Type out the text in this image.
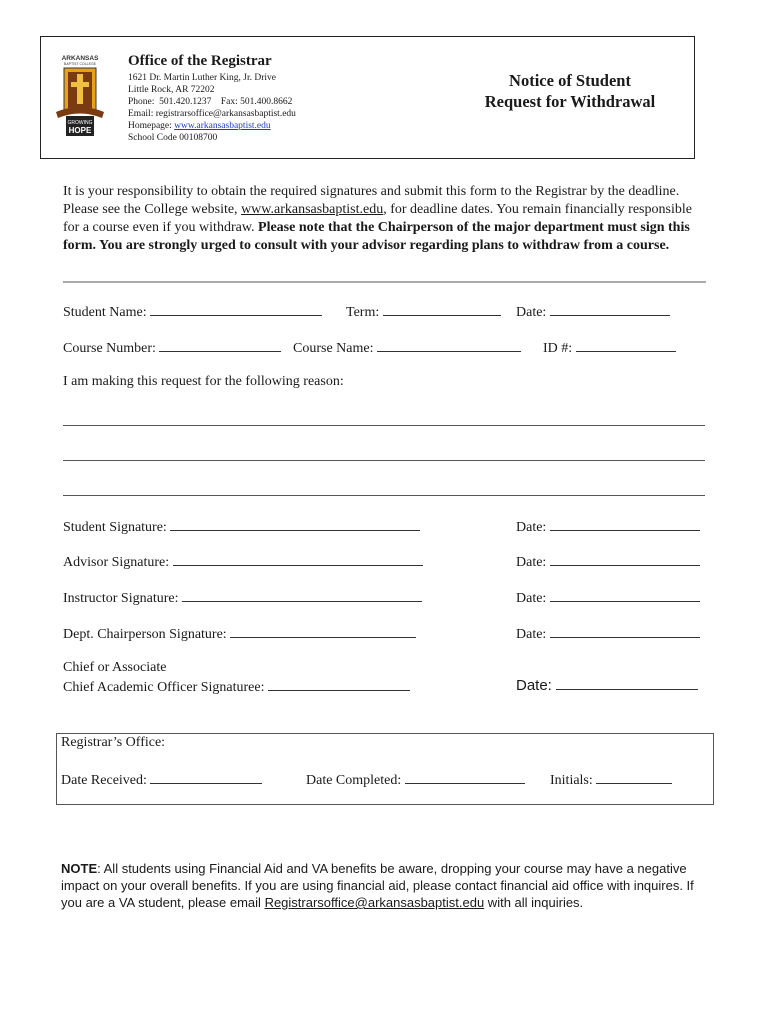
ARKANSAS
BAPTIST COLLEGE
GROWING
HOPE
Office of the Registrar
1621 Dr. Martin Luther King, Jr. Drive
Little Rock, AR 72202
Phone:  501.420.1237    Fax: 501.400.8662
Email: registrarsoffice@arkansasbaptist.edu
Homepage: www.arkansasbaptist.edu
School Code 00108700
Notice of Student
Request for Withdrawal
It is your responsibility to obtain the required signatures and submit this form to the Registrar by the deadline. Please see the College website, www.arkansasbaptist.edu, for deadline dates. You remain financially responsible for a course even if you withdraw. Please note that the Chairperson of the major department must sign this form. You are strongly urged to consult with your advisor regarding plans to withdraw from a course.
Student Name:	Term:	Date:
Course Number:	Course Name:	ID #:
I am making this request for the following reason:
Student Signature:	Date:
Advisor Signature:	Date:
Instructor Signature:	Date:
Dept. Chairperson Signature:	Date:
Chief or Associate
Chief Academic Officer Signaturee:	Date:
Registrar’s Office:
Date Received:	Date Completed:	Initials:
NOTE: All students using Financial Aid and VA benefits be aware, dropping your course may have a negative impact on your overall benefits. If you are using financial aid, please contact financial aid office with inquires. If you are a VA student, please email Registrarsoffice@arkansasbaptist.edu with all inquiries.
